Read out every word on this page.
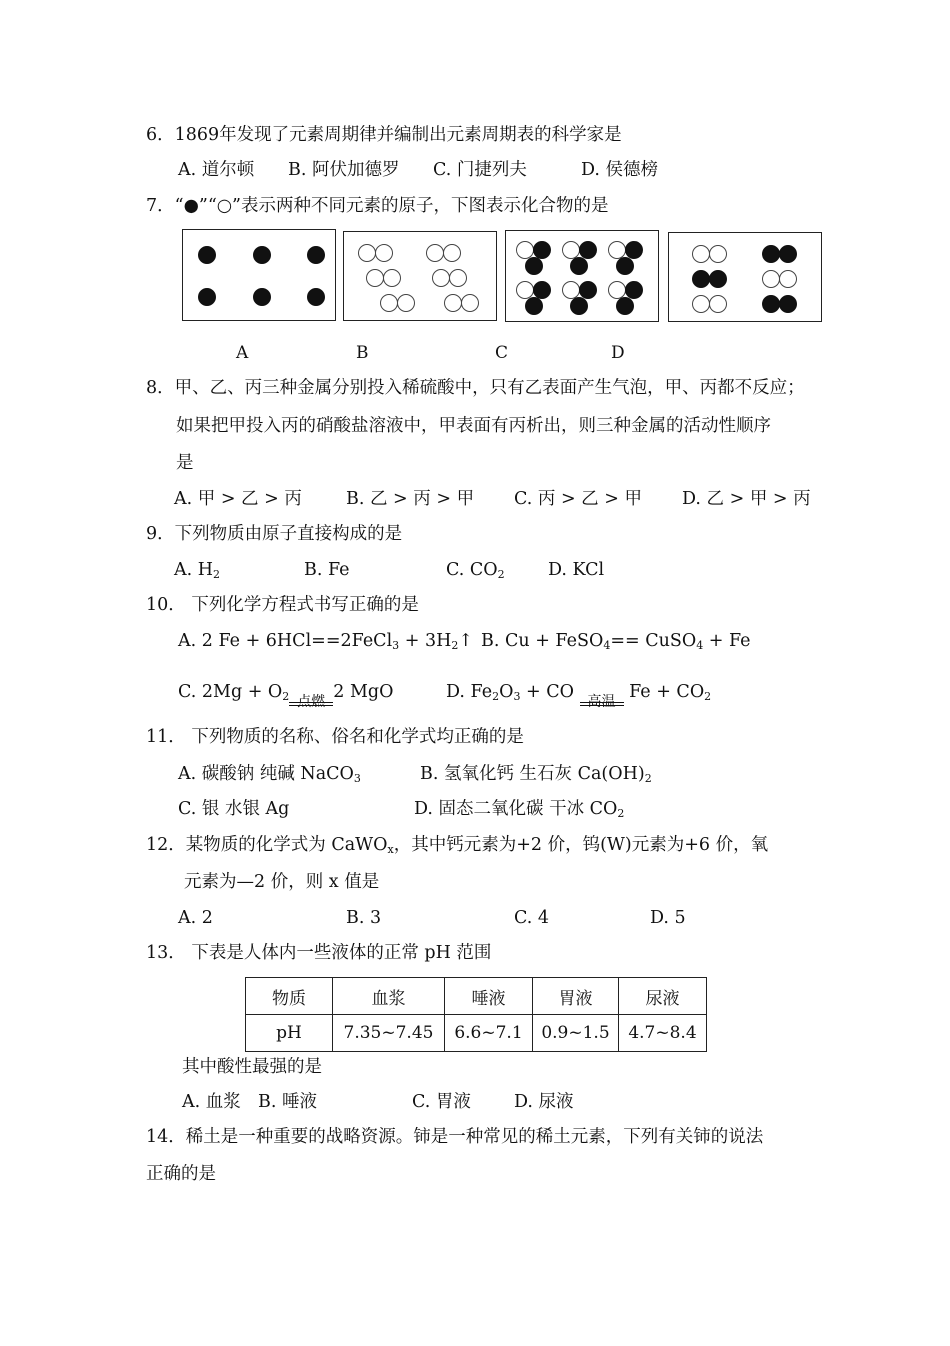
6．1869年发现了元素周期律并编制出元素周期表的科学家是
A. 道尔顿 B. 阿伏加德罗 C. 门捷列夫	D. 侯德榜
7．“●”“○”表示两种不同元素的原子，下图表示化合物的是
A	B	C	D
8．甲、乙、丙三种金属分别投入稀硫酸中，只有乙表面产生气泡，甲、丙都不反应；
如果把甲投入丙的硝酸盐溶液中，甲表面有丙析出，则三种金属的活动性顺序
是
A. 甲 > 乙 > 丙	B. 乙 > 丙 > 甲 C. 丙 > 乙 > 甲 D. 乙 > 甲 > 丙
9．下列物质由原子直接构成的是
A. $H_2$	B. Fe	C. $CO_2$ D. KCl
10． 下列化学方程式书写正确的是
A. 2 Fe + 6HCl==2FeCl$_3$ + $3H_2↑$ B. Cu + FeSO$_4$== CuSO$_4$ + Fe
C. $2Mg + O_2$ 点燃 2 MgO	D. $Fe_2O_3$ + CO 高温 $Fe + CO_2$
11． 下列物质的名称、俗名和化学式均正确的是
A. 碳酸钠 纯碱 NaCO$_3$	B. 氢氧化钙 生石灰 $Ca(OH)_2$
C. 银 水银 Ag	D. 固态二氧化碳 干冰 $CO_2$
12．某物质的化学式为 CaWO$_x$，其中钙元素为+2 价，钨(W)元素为+6 价，氧
元素为—2 价，则 x 值是
A. 2	B. 3	C. 4	D. 5
13． 下表是人体内一些液体的正常 pH 范围
物质	血浆	唾液	胃液	尿液
pH	7.35~7.45	6.6~7.1	0.9~1.5	4.7~8.4
其中酸性最强的是
A. 血浆 B. 唾液	C. 胃液 D. 尿液
14．稀土是一种重要的战略资源。铈是一种常见的稀土元素，下列有关铈的说法
正确的是
